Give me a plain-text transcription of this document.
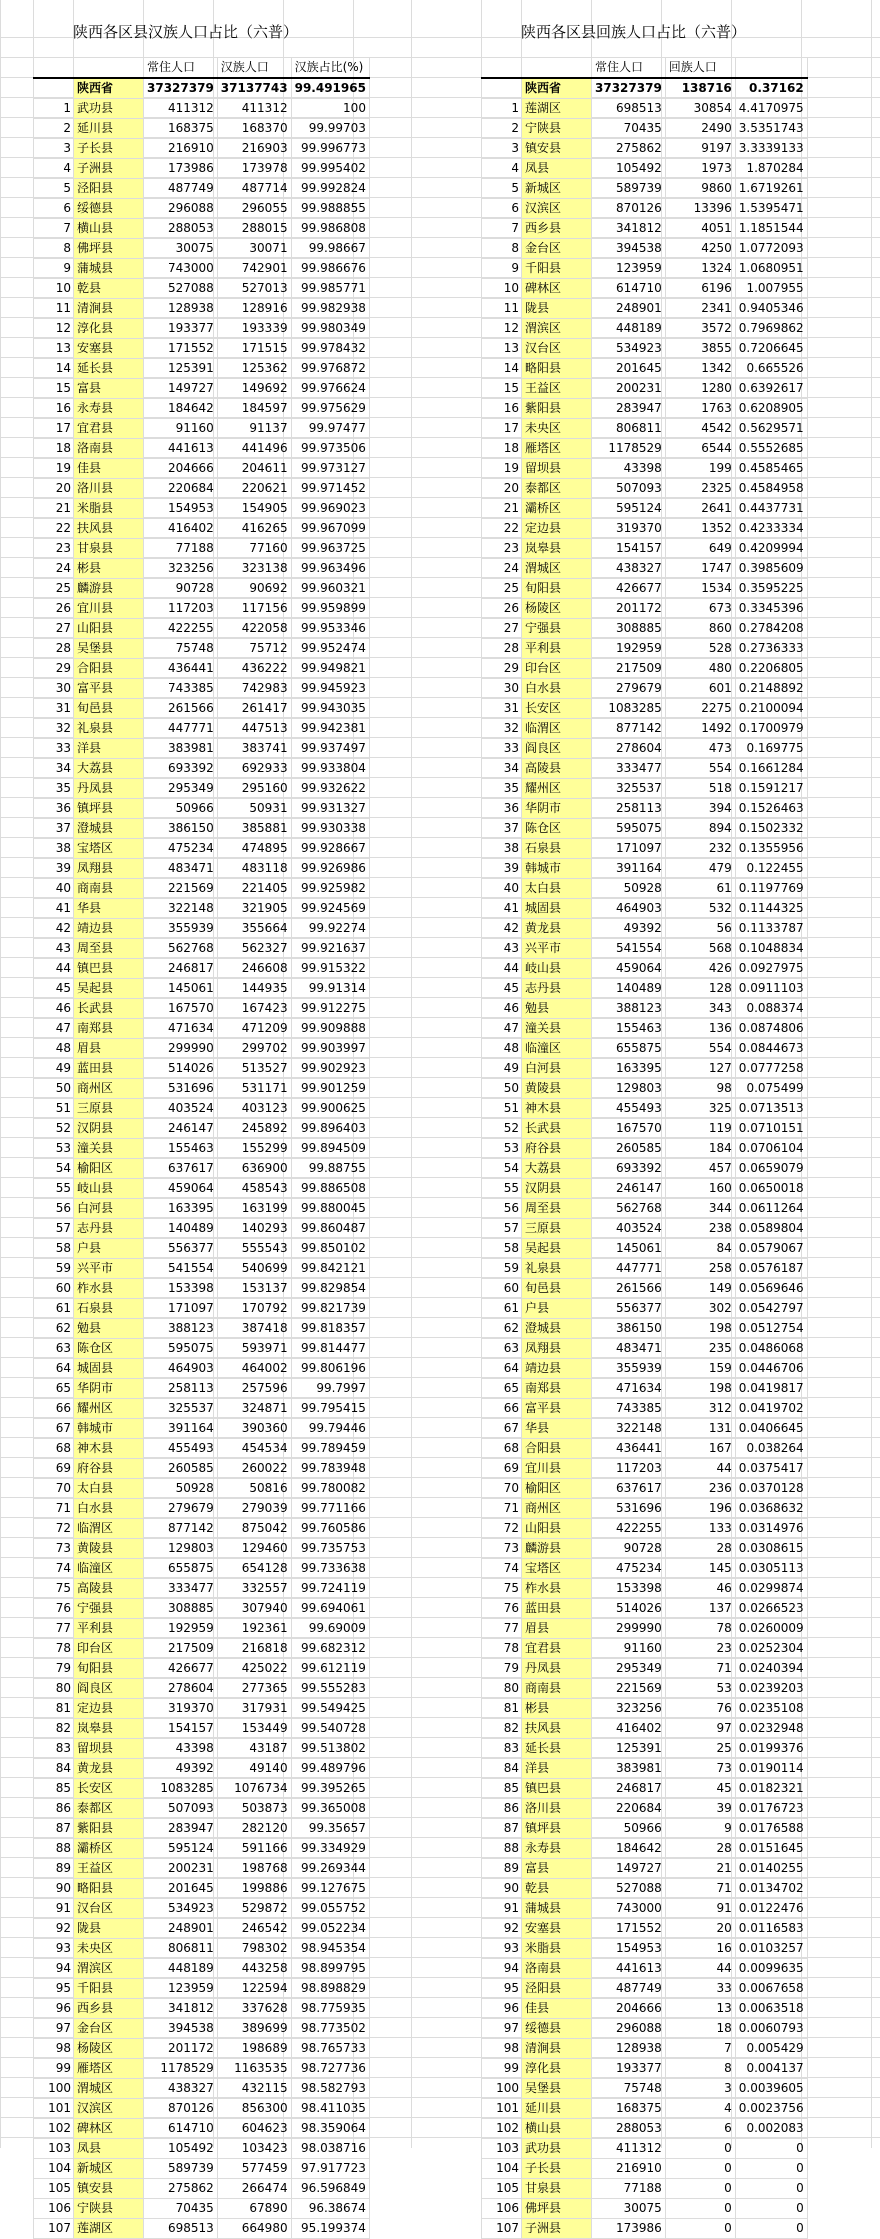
陕西各区县汉族人口占比（六普）	陕西各区县回族人口占比（六普）
		常住人口	汉族人口	汉族占比(%)
	陕西省	37327379	37137743	99.491965
1	武功县	411312	411312	100
2	延川县	168375	168370	99.99703
3	子长县	216910	216903	99.996773
4	子洲县	173986	173978	99.995402
5	泾阳县	487749	487714	99.992824
6	绥德县	296088	296055	99.988855
7	横山县	288053	288015	99.986808
8	佛坪县	30075	30071	99.98667
9	蒲城县	743000	742901	99.986676
10	乾县	527088	527013	99.985771
11	清涧县	128938	128916	99.982938
12	淳化县	193377	193339	99.980349
13	安塞县	171552	171515	99.978432
14	延长县	125391	125362	99.976872
15	富县	149727	149692	99.976624
16	永寿县	184642	184597	99.975629
17	宜君县	91160	91137	99.97477
18	洛南县	441613	441496	99.973506
19	佳县	204666	204611	99.973127
20	洛川县	220684	220621	99.971452
21	米脂县	154953	154905	99.969023
22	扶风县	416402	416265	99.967099
23	甘泉县	77188	77160	99.963725
24	彬县	323256	323138	99.963496
25	麟游县	90728	90692	99.960321
26	宜川县	117203	117156	99.959899
27	山阳县	422255	422058	99.953346
28	吴堡县	75748	75712	99.952474
29	合阳县	436441	436222	99.949821
30	富平县	743385	742983	99.945923
31	旬邑县	261566	261417	99.943035
32	礼泉县	447771	447513	99.942381
33	洋县	383981	383741	99.937497
34	大荔县	693392	692933	99.933804
35	丹凤县	295349	295160	99.932622
36	镇坪县	50966	50931	99.931327
37	澄城县	386150	385881	99.930338
38	宝塔区	475234	474895	99.928667
39	凤翔县	483471	483118	99.926986
40	商南县	221569	221405	99.925982
41	华县	322148	321905	99.924569
42	靖边县	355939	355664	99.92274
43	周至县	562768	562327	99.921637
44	镇巴县	246817	246608	99.915322
45	吴起县	145061	144935	99.91314
46	长武县	167570	167423	99.912275
47	南郑县	471634	471209	99.909888
48	眉县	299990	299702	99.903997
49	蓝田县	514026	513527	99.902923
50	商州区	531696	531171	99.901259
51	三原县	403524	403123	99.900625
52	汉阴县	246147	245892	99.896403
53	潼关县	155463	155299	99.894509
54	榆阳区	637617	636900	99.88755
55	岐山县	459064	458543	99.886508
56	白河县	163395	163199	99.880045
57	志丹县	140489	140293	99.860487
58	户县	556377	555543	99.850102
59	兴平市	541554	540699	99.842121
60	柞水县	153398	153137	99.829854
61	石泉县	171097	170792	99.821739
62	勉县	388123	387418	99.818357
63	陈仓区	595075	593971	99.814477
64	城固县	464903	464002	99.806196
65	华阴市	258113	257596	99.7997
66	耀州区	325537	324871	99.795415
67	韩城市	391164	390360	99.79446
68	神木县	455493	454534	99.789459
69	府谷县	260585	260022	99.783948
70	太白县	50928	50816	99.780082
71	白水县	279679	279039	99.771166
72	临渭区	877142	875042	99.760586
73	黄陵县	129803	129460	99.735753
74	临潼区	655875	654128	99.733638
75	高陵县	333477	332557	99.724119
76	宁强县	308885	307940	99.694061
77	平利县	192959	192361	99.69009
78	印台区	217509	216818	99.682312
79	旬阳县	426677	425022	99.612119
80	阎良区	278604	277365	99.555283
81	定边县	319370	317931	99.549425
82	岚皋县	154157	153449	99.540728
83	留坝县	43398	43187	99.513802
84	黄龙县	49392	49140	99.489796
85	长安区	1083285	1076734	99.395265
86	泰都区	507093	503873	99.365008
87	紫阳县	283947	282120	99.35657
88	灞桥区	595124	591166	99.334929
89	王益区	200231	198768	99.269344
90	略阳县	201645	199886	99.127675
91	汉台区	534923	529872	99.055752
92	陇县	248901	246542	99.052234
93	未央区	806811	798302	98.945354
94	渭滨区	448189	443258	98.899795
95	千阳县	123959	122594	98.898829
96	西乡县	341812	337628	98.775935
97	金台区	394538	389699	98.773502
98	杨陵区	201172	198689	98.765733
99	雁塔区	1178529	1163535	98.727736
100	渭城区	438327	432115	98.582793
101	汉滨区	870126	856300	98.411035
102	碑林区	614710	604623	98.359064
103	凤县	105492	103423	98.038716
104	新城区	589739	577459	97.917723
105	镇安县	275862	266474	96.596849
106	宁陕县	70435	67890	96.38674
107	莲湖区	698513	664980	95.199374
		常住人口	回族人口	
	陕西省	37327379	138716	0.37162
1	莲湖区	698513	30854	4.4170975
2	宁陕县	70435	2490	3.5351743
3	镇安县	275862	9197	3.3339133
4	凤县	105492	1973	1.870284
5	新城区	589739	9860	1.6719261
6	汉滨区	870126	13396	1.5395471
7	西乡县	341812	4051	1.1851544
8	金台区	394538	4250	1.0772093
9	千阳县	123959	1324	1.0680951
10	碑林区	614710	6196	1.007955
11	陇县	248901	2341	0.9405346
12	渭滨区	448189	3572	0.7969862
13	汉台区	534923	3855	0.7206645
14	略阳县	201645	1342	0.665526
15	王益区	200231	1280	0.6392617
16	紫阳县	283947	1763	0.6208905
17	未央区	806811	4542	0.5629571
18	雁塔区	1178529	6544	0.5552685
19	留坝县	43398	199	0.4585465
20	泰都区	507093	2325	0.4584958
21	灞桥区	595124	2641	0.4437731
22	定边县	319370	1352	0.4233334
23	岚皋县	154157	649	0.4209994
24	渭城区	438327	1747	0.3985609
25	旬阳县	426677	1534	0.3595225
26	杨陵区	201172	673	0.3345396
27	宁强县	308885	860	0.2784208
28	平利县	192959	528	0.2736333
29	印台区	217509	480	0.2206805
30	白水县	279679	601	0.2148892
31	长安区	1083285	2275	0.2100094
32	临渭区	877142	1492	0.1700979
33	阎良区	278604	473	0.169775
34	高陵县	333477	554	0.1661284
35	耀州区	325537	518	0.1591217
36	华阴市	258113	394	0.1526463
37	陈仓区	595075	894	0.1502332
38	石泉县	171097	232	0.1355956
39	韩城市	391164	479	0.122455
40	太白县	50928	61	0.1197769
41	城固县	464903	532	0.1144325
42	黄龙县	49392	56	0.1133787
43	兴平市	541554	568	0.1048834
44	岐山县	459064	426	0.0927975
45	志丹县	140489	128	0.0911103
46	勉县	388123	343	0.088374
47	潼关县	155463	136	0.0874806
48	临潼区	655875	554	0.0844673
49	白河县	163395	127	0.0777258
50	黄陵县	129803	98	0.075499
51	神木县	455493	325	0.0713513
52	长武县	167570	119	0.0710151
53	府谷县	260585	184	0.0706104
54	大荔县	693392	457	0.0659079
55	汉阴县	246147	160	0.0650018
56	周至县	562768	344	0.0611264
57	三原县	403524	238	0.0589804
58	吴起县	145061	84	0.0579067
59	礼泉县	447771	258	0.0576187
60	旬邑县	261566	149	0.0569646
61	户县	556377	302	0.0542797
62	澄城县	386150	198	0.0512754
63	凤翔县	483471	235	0.0486068
64	靖边县	355939	159	0.0446706
65	南郑县	471634	198	0.0419817
66	富平县	743385	312	0.0419702
67	华县	322148	131	0.0406645
68	合阳县	436441	167	0.038264
69	宜川县	117203	44	0.0375417
70	榆阳区	637617	236	0.0370128
71	商州区	531696	196	0.0368632
72	山阳县	422255	133	0.0314976
73	麟游县	90728	28	0.0308615
74	宝塔区	475234	145	0.0305113
75	柞水县	153398	46	0.0299874
76	蓝田县	514026	137	0.0266523
77	眉县	299990	78	0.0260009
78	宜君县	91160	23	0.0252304
79	丹凤县	295349	71	0.0240394
80	商南县	221569	53	0.0239203
81	彬县	323256	76	0.0235108
82	扶风县	416402	97	0.0232948
83	延长县	125391	25	0.0199376
84	洋县	383981	73	0.0190114
85	镇巴县	246817	45	0.0182321
86	洛川县	220684	39	0.0176723
87	镇坪县	50966	9	0.0176588
88	永寿县	184642	28	0.0151645
89	富县	149727	21	0.0140255
90	乾县	527088	71	0.0134702
91	蒲城县	743000	91	0.0122476
92	安塞县	171552	20	0.0116583
93	米脂县	154953	16	0.0103257
94	洛南县	441613	44	0.0099635
95	泾阳县	487749	33	0.0067658
96	佳县	204666	13	0.0063518
97	绥德县	296088	18	0.0060793
98	清涧县	128938	7	0.005429
99	淳化县	193377	8	0.004137
100	吴堡县	75748	3	0.0039605
101	延川县	168375	4	0.0023756
102	横山县	288053	6	0.002083
103	武功县	411312	0	0
104	子长县	216910	0	0
105	甘泉县	77188	0	0
106	佛坪县	30075	0	0
107	子洲县	173986	0	0
